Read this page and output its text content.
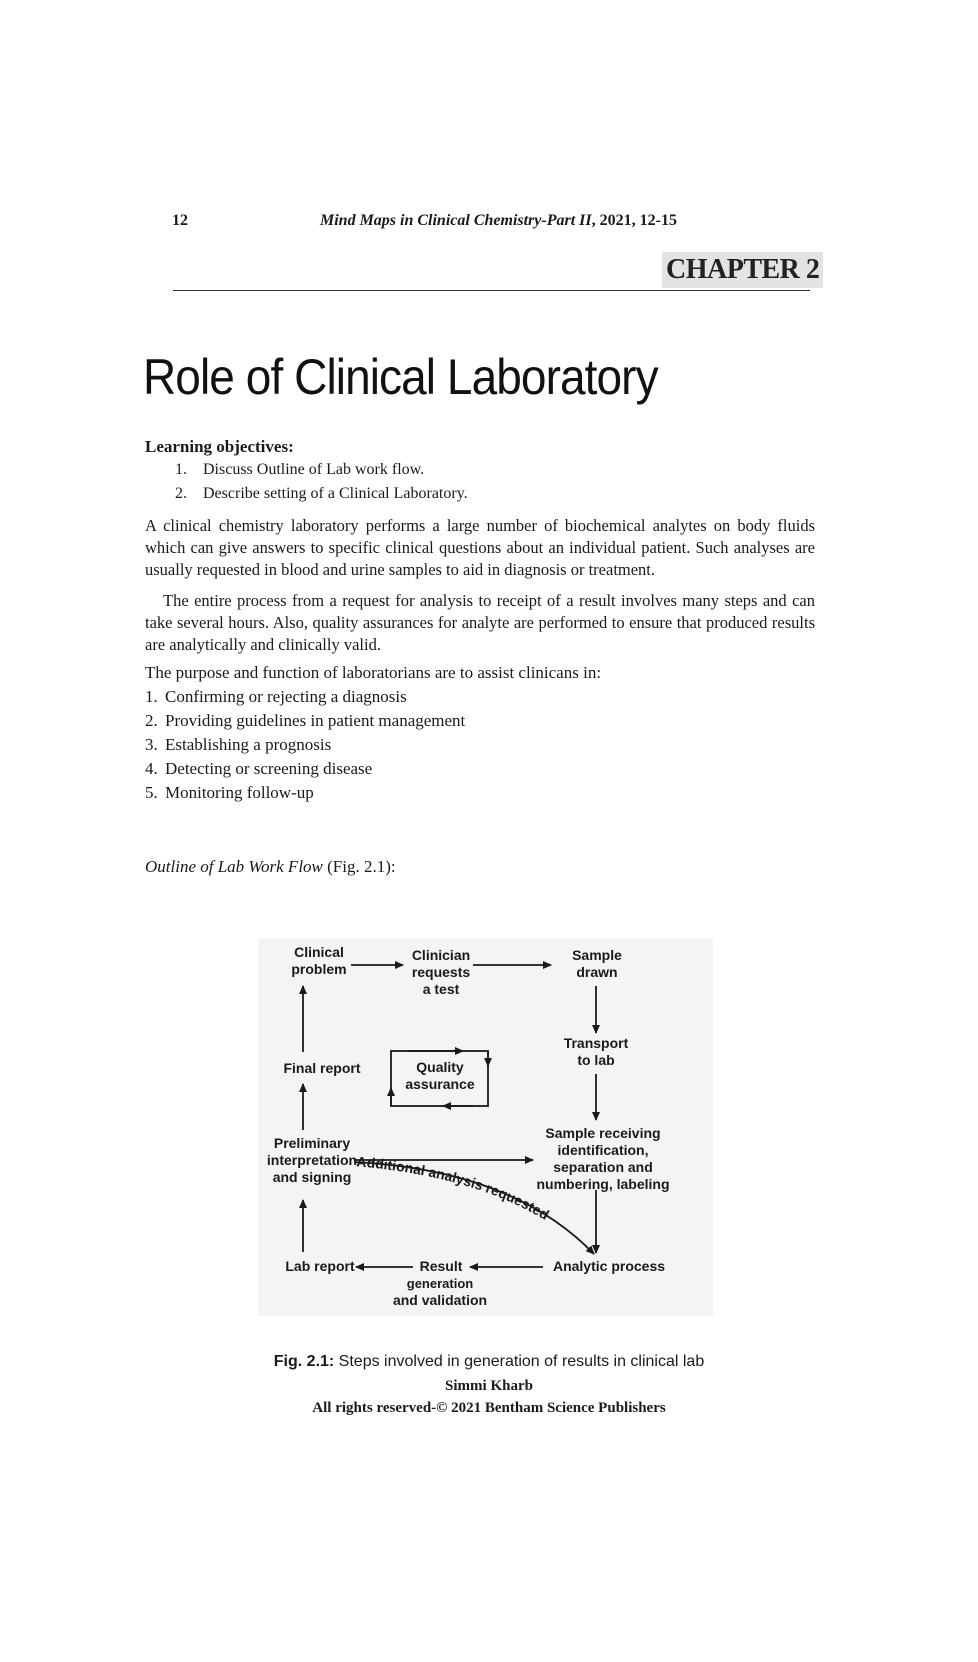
12	Mind Maps in Clinical Chemistry-Part II, 2021, 12-15
CHAPTER 2
Role of Clinical Laboratory
Learning objectives:
1. Discuss Outline of Lab work flow.
2. Describe setting of a Clinical Laboratory.
A clinical chemistry laboratory performs a large number of biochemical analytes on body fluids which can give answers to specific clinical questions about an individual patient. Such analyses are usually requested in blood and urine samples to aid in diagnosis or treatment.
The entire process from a request for analysis to receipt of a result involves many steps and can take several hours. Also, quality assurances for analyte are performed to ensure that produced results are analytically and clinically valid.
The purpose and function of laboratorians are to assist clinicans in:
1. Confirming or rejecting a diagnosis
2. Providing guidelines in patient management
3. Establishing a prognosis
4. Detecting or screening disease
5. Monitoring follow-up
Outline of Lab Work Flow (Fig. 2.1):
Clinical problem
Clinician requests a test
Sample drawn
Transport to lab
Final report	Quality assurance
Preliminary interpretation and signing
Sample receiving identification, separation and numbering, labeling
Lab report	Result
generation and validation
Analytic process
Additional analysis requested
Fig. 2.1: Steps involved in generation of results in clinical lab
Simmi Kharb
All rights reserved-© 2021 Bentham Science Publishers
